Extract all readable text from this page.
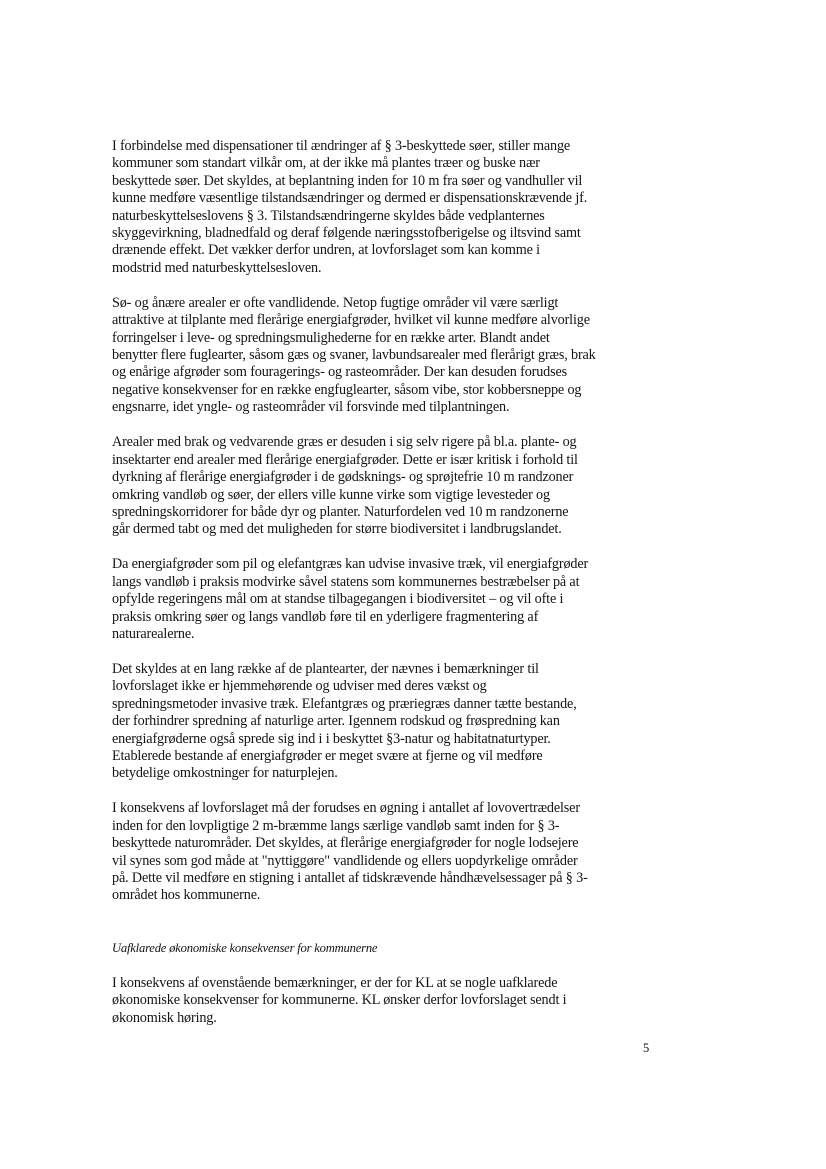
I forbindelse med dispensationer til ændringer af § 3-beskyttede søer, stiller mange
kommuner som standart vilkår om, at der ikke må plantes træer og buske nær
beskyttede søer. Det skyldes, at beplantning inden for 10 m fra søer og vandhuller vil
kunne medføre væsentlige tilstandsændringer og dermed er dispensationskrævende jf.
naturbeskyttelseslovens § 3. Tilstandsændringerne skyldes både vedplanternes
skyggevirkning, bladnedfald og deraf følgende næringsstofberigelse og iltsvind samt
drænende effekt. Det vækker derfor undren, at lovforslaget som kan komme i
modstrid med naturbeskyttelsesloven.

Sø- og ånære arealer er ofte vandlidende. Netop fugtige områder vil være særligt
attraktive at tilplante med flerårige energiafgrøder, hvilket vil kunne medføre alvorlige
forringelser i leve- og spredningsmulighederne for en række arter. Blandt andet
benytter flere fuglearter, såsom gæs og svaner, lavbundsarealer med flerårigt græs, brak
og enårige afgrøder som fouragerings- og rasteområder. Der kan desuden forudses
negative konsekvenser for en række engfuglearter, såsom vibe, stor kobbersneppe og
engsnarre, idet yngle- og rasteområder vil forsvinde med tilplantningen.

Arealer med brak og vedvarende græs er desuden i sig selv rigere på bl.a. plante- og
insektarter end arealer med flerårige energiafgrøder. Dette er især kritisk i forhold til
dyrkning af flerårige energiafgrøder i de gødsknings- og sprøjtefrie 10 m randzoner
omkring vandløb og søer, der ellers ville kunne virke som vigtige levesteder og
spredningskorridorer for både dyr og planter. Naturfordelen ved 10 m randzonerne
går dermed tabt og med det muligheden for større biodiversitet i landbrugslandet.

Da energiafgrøder som pil og elefantgræs kan udvise invasive træk, vil energiafgrøder
langs vandløb i praksis modvirke såvel statens som kommunernes bestræbelser på at
opfylde regeringens mål om at standse tilbagegangen i biodiversitet – og vil ofte i
praksis omkring søer og langs vandløb føre til en yderligere fragmentering af
naturarealerne.

Det skyldes at en lang række af de plantearter, der nævnes i bemærkninger til
lovforslaget ikke er hjemmehørende og udviser med deres vækst og
spredningsmetoder invasive træk. Elefantgræs og præriegræs danner tætte bestande,
der forhindrer spredning af naturlige arter. Igennem rodskud og frøspredning kan
energiafgrøderne også sprede sig ind i i beskyttet §3-natur og habitatnaturtyper.
Etablerede bestande af energiafgrøder er meget svære at fjerne og vil medføre
betydelige omkostninger for naturplejen.

I konsekvens af lovforslaget må der forudses en øgning i antallet af lovovertrædelser
inden for den lovpligtige 2 m-bræmme langs særlige vandløb samt inden for § 3-
beskyttede naturområder. Det skyldes, at flerårige energiafgrøder for nogle lodsejere
vil synes som god måde at "nyttiggøre" vandlidende og ellers uopdyrkelige områder
på. Dette vil medføre en stigning i antallet af tidskrævende håndhævelsessager på § 3-
området hos kommunerne.

Uafklarede økonomiske konsekvenser for kommunerne

I konsekvens af ovenstående bemærkninger, er der for KL at se nogle uafklarede
økonomiske konsekvenser for kommunerne. KL ønsker derfor lovforslaget sendt i
økonomisk høring.

5
